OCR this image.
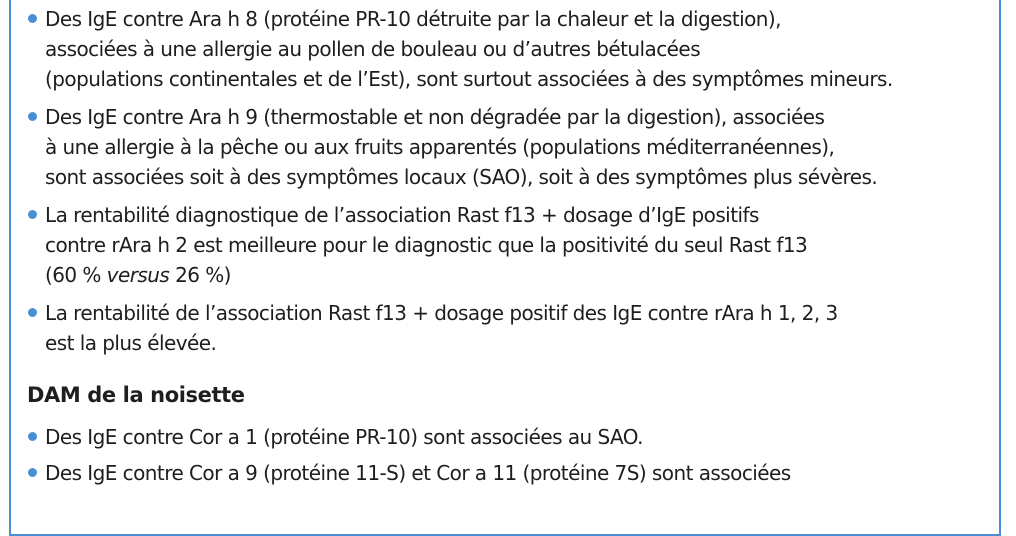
Des IgE contre Ara h 8 (protéine PR-10 détruite par la chaleur et la digestion),
associées à une allergie au pollen de bouleau ou d’autres bétulacées
(populations continentales et de l’Est), sont surtout associées à des symptômes mineurs.
Des IgE contre Ara h 9 (thermostable et non dégradée par la digestion), associées
à une allergie à la pêche ou aux fruits apparentés (populations méditerranéennes),
sont associées soit à des symptômes locaux (SAO), soit à des symptômes plus sévères.
La rentabilité diagnostique de l’association Rast f13 + dosage d’IgE positifs
contre rAra h 2 est meilleure pour le diagnostic que la positivité du seul Rast f13
(60 % versus 26 %)
La rentabilité de l’association Rast f13 + dosage positif des IgE contre rAra h 1, 2, 3
est la plus élevée.
DAM de la noisette
Des IgE contre Cor a 1 (protéine PR-10) sont associées au SAO.
Des IgE contre Cor a 9 (protéine 11-S) et Cor a 11 (protéine 7S) sont associées
